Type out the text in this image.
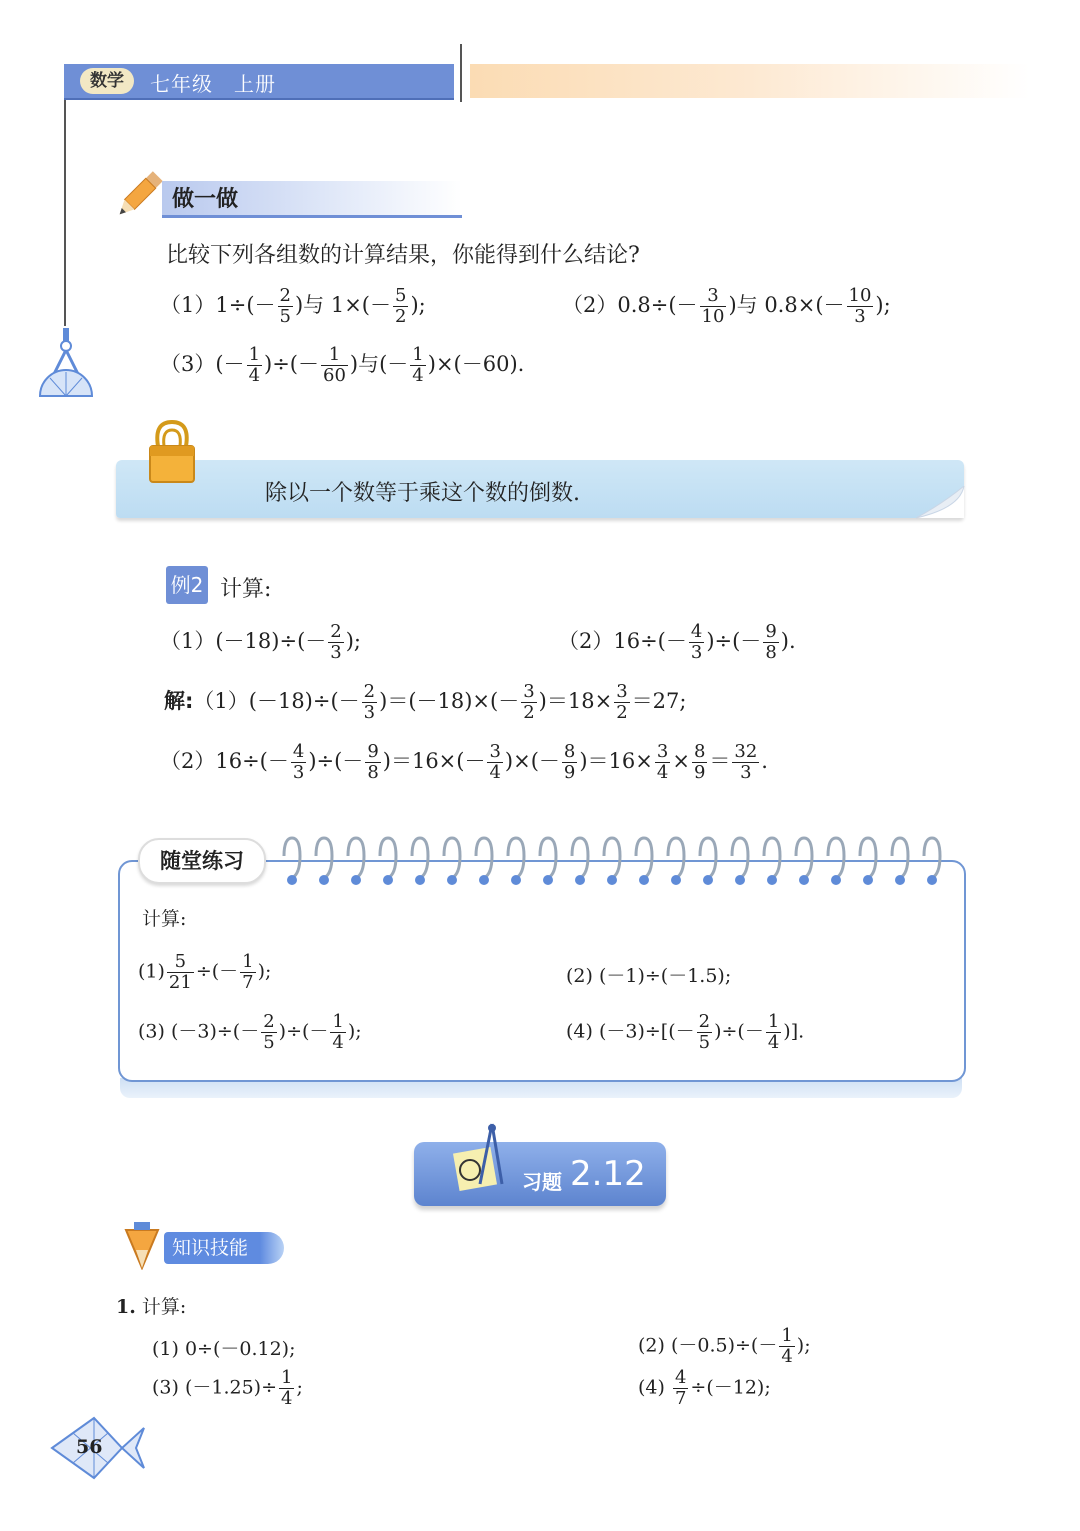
数学	七年级　上册
做一做
比较下列各组数的计算结果，你能得到什么结论?
$(1)1\div(- \frac{2}{5}$ )与 $1\times(- \frac{5}{2}$ );	$(2)0.8\div(- \frac{3}{10}$ )与 $0.8\times(- \frac{10}{3}$ );
$(3)(- \frac{1}{4}$ )÷(－ $\frac{1}{60}$ )与(－ $\frac{1}{4} )\times(-60)$.
除以一个数等于乘这个数的倒数.
例2 计算:
$(1)(-18)\div(- \frac{2}{3}$ );	$(2)16\div(- \frac{4}{3}$ )÷(－ $\frac{9}{8}$ ).
解:（1）(－18)÷(－ $\frac{2}{3} )=(-18)\times(- \frac{3}{2} )=18\times \frac{3}{2} =27$;
$(2)16\div(- \frac{4}{3}$ )÷(－ $\frac{9}{8} )=16\times(- \frac{3}{4}$ )×(－ $\frac{8}{9} )=16\times \frac{3}{4} \times \frac{8}{9} = \frac{32}{3}$ .
随堂练习
计算:
$(1) \frac{5}{21}$ ÷(－ $\frac{1}{7}$ );	(2) (－1)÷(－1.5);
(3) $(-3)\div(- \frac{2}{5}$ )÷(－ $\frac{1}{4}$ );	(4) $(-3)\div[(- \frac{2}{5}$ )÷(－ $\frac{1}{4}$ )].
习题 2.12
知识技能
1. 计算:
(1) 0÷(－0.12);	(2) $(-0.5)\div(- \frac{1}{4}$ );
(3) $(-1.25)\div \frac{1}{4}$ ;	$(4) \frac{4}{7} \div(-12)$;
56
